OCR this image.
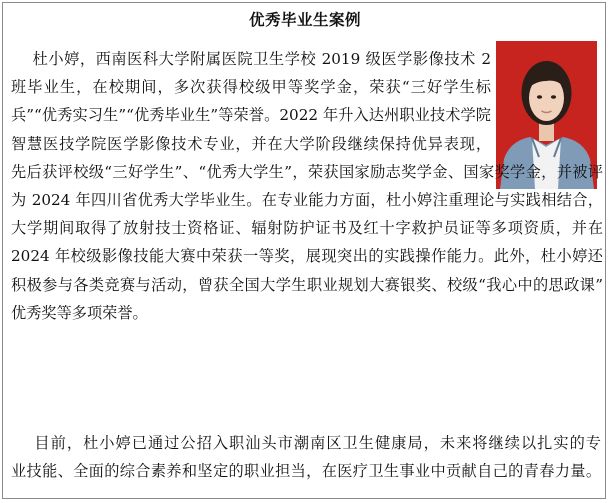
优秀毕业生案例
杜小婷，西南医科大学附属医院卫生学校 2019 级医学影像技术 2
班毕业生，在校期间，多次获得校级甲等奖学金，荣获“三好学生标
兵”“优秀实习生”“优秀毕业生”等荣誉。2022 年升入达州职业技术学院
智慧医技学院医学影像技术专业，并在大学阶段继续保持优异表现，
先后获评校级“三好学生”、“优秀大学生”，荣获国家励志奖学金、国家奖学金，并被评
为 2024 年四川省优秀大学毕业生。在专业能力方面，杜小婷注重理论与实践相结合，
大学期间取得了放射技士资格证、辐射防护证书及红十字救护员证等多项资质，并在
2024 年校级影像技能大赛中荣获一等奖，展现突出的实践操作能力。此外，杜小婷还
积极参与各类竞赛与活动，曾获全国大学生职业规划大赛银奖、校级“我心中的思政课”
优秀奖等多项荣誉。
目前，杜小婷已通过公招入职汕头市潮南区卫生健康局，未来将继续以扎实的专
业技能、全面的综合素养和坚定的职业担当，在医疗卫生事业中贡献自己的青春力量。
